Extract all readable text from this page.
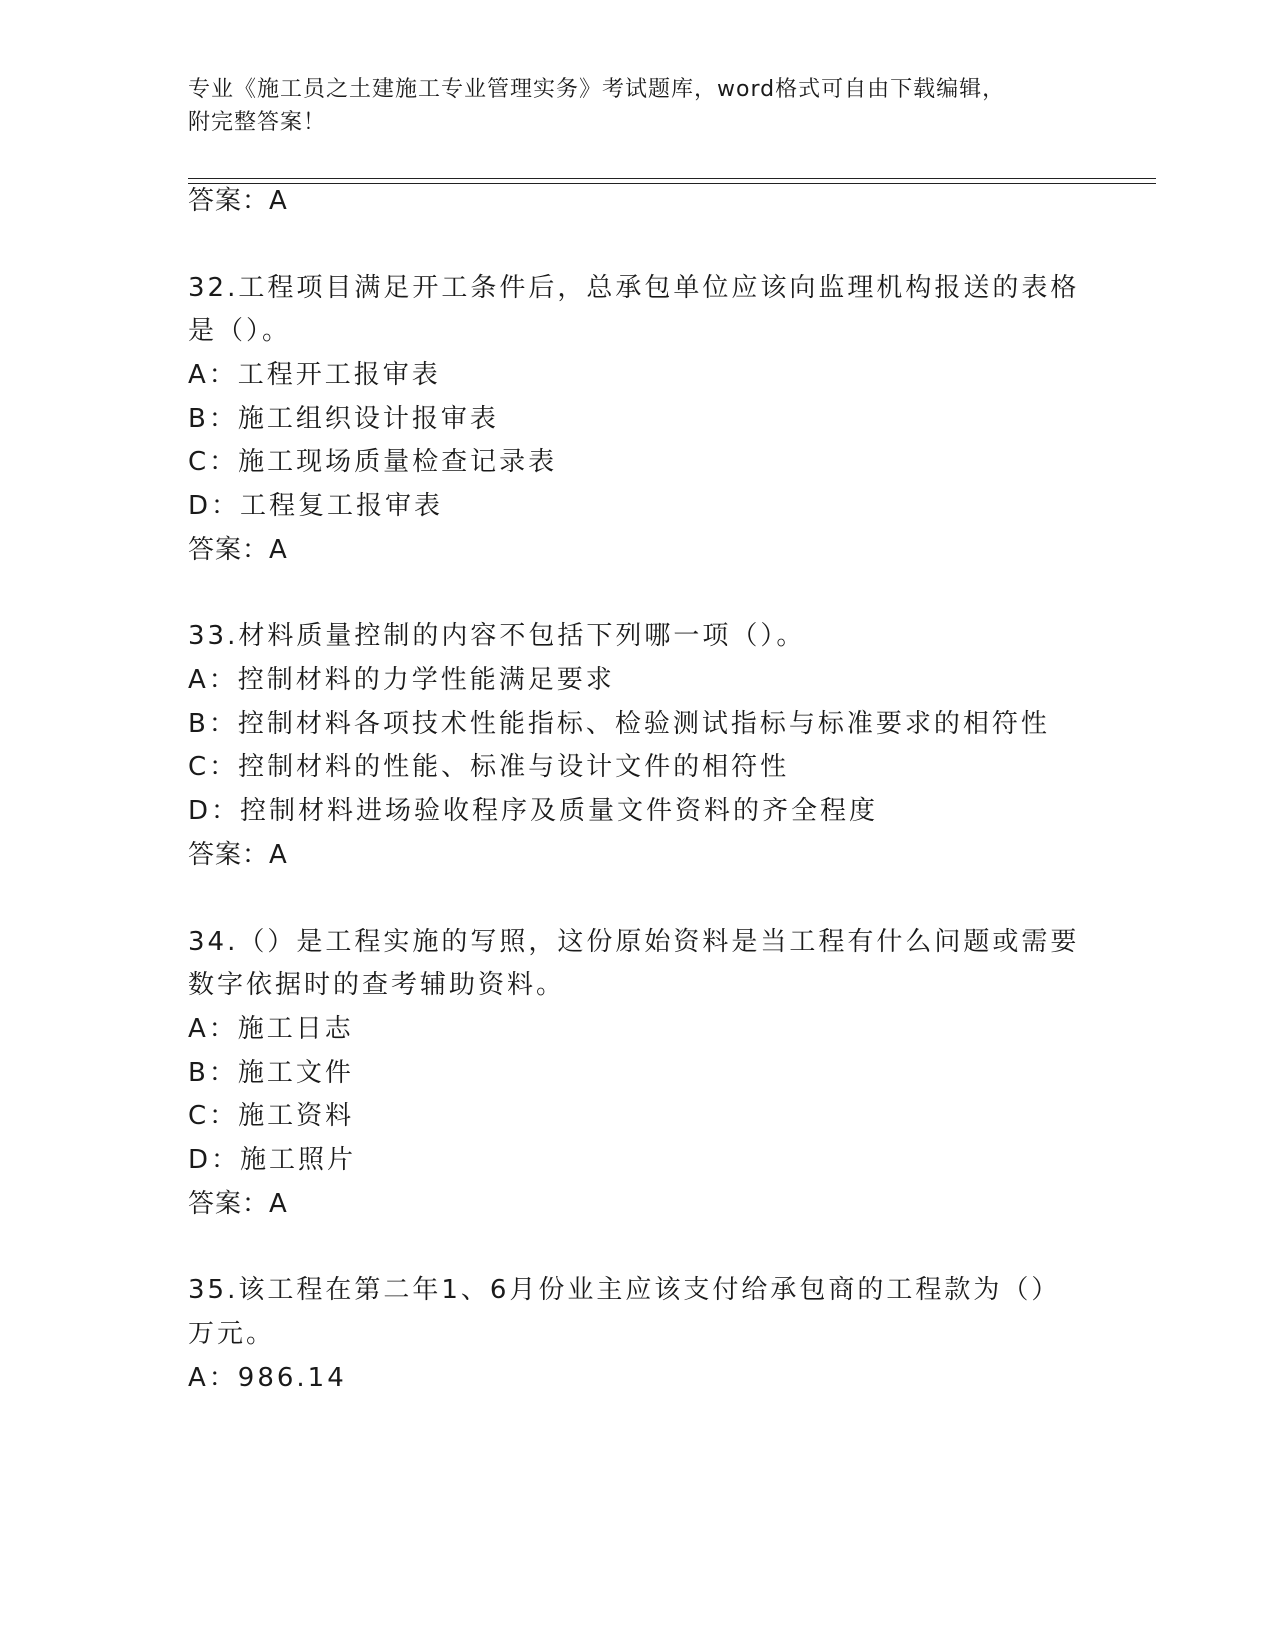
专业《施工员之土建施工专业管理实务》考试题库，word格式可自由下载编辑，
附完整答案！
答案：A
32.工程项目满足开工条件后，总承包单位应该向监理机构报送的表格
是（）。
A：工程开工报审表
B：施工组织设计报审表
C：施工现场质量检查记录表
D：工程复工报审表
答案：A
33.材料质量控制的内容不包括下列哪一项（）。
A：控制材料的力学性能满足要求
B：控制材料各项技术性能指标、检验测试指标与标准要求的相符性
C：控制材料的性能、标准与设计文件的相符性
D：控制材料进场验收程序及质量文件资料的齐全程度
答案：A
34.（）是工程实施的写照，这份原始资料是当工程有什么问题或需要
数字依据时的查考辅助资料。
A：施工日志
B：施工文件
C：施工资料
D：施工照片
答案：A
35.该工程在第二年1、6月份业主应该支付给承包商的工程款为（）
万元。
A：986.14
